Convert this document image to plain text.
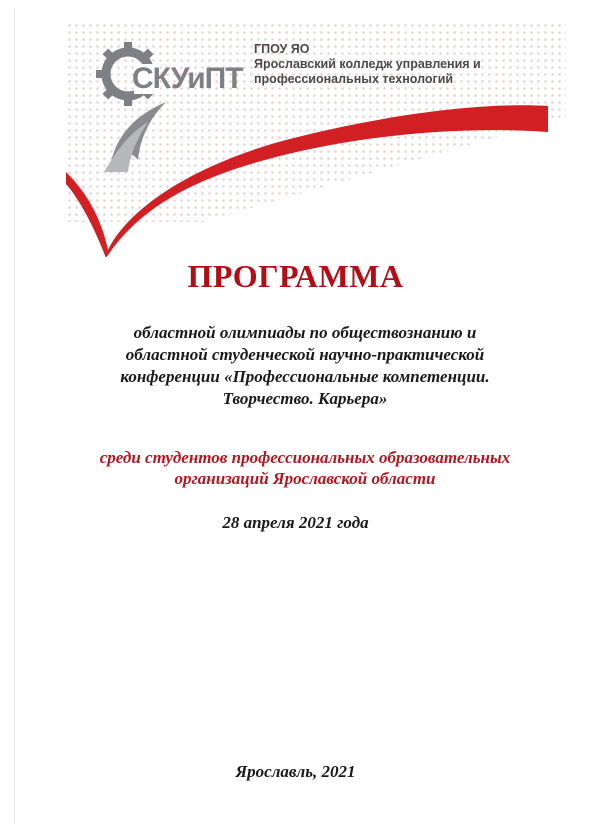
СКУиПТ
ГПОУ ЯО
Ярославский колледж управления и
профессиональных технологий
ПРОГРАММА
областной олимпиады по обществознанию и
областной студенческой научно-практической
конференции «Профессиональные компетенции.
Творчество. Карьера»
среди студентов профессиональных образовательных
организаций Ярославской области
28 апреля 2021 года
Ярославль, 2021
